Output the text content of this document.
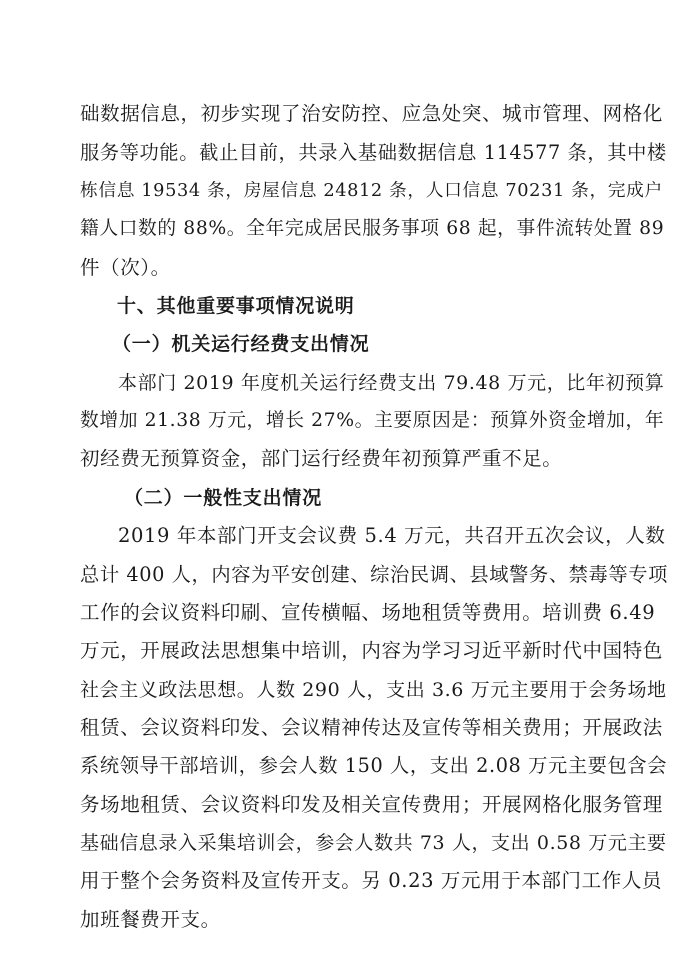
础数据信息，初步实现了治安防控、应急处突、城市管理、网格化
服务等功能。截止目前，共录入基础数据信息 114577 条，其中楼
栋信息 19534 条，房屋信息 24812 条，人口信息 70231 条，完成户
籍人口数的 88%。全年完成居民服务事项 68 起，事件流转处置 89
件（次）。
十、其他重要事项情况说明
（一）机关运行经费支出情况
本部门 2019 年度机关运行经费支出 79.48 万元，比年初预算
数增加 21.38 万元，增长 27%。主要原因是：预算外资金增加，年
初经费无预算资金，部门运行经费年初预算严重不足。
（二）一般性支出情况
2019 年本部门开支会议费 5.4 万元，共召开五次会议，人数
总计 400 人，内容为平安创建、综治民调、县域警务、禁毒等专项
工作的会议资料印刷、宣传横幅、场地租赁等费用。培训费 6.49
万元，开展政法思想集中培训，内容为学习习近平新时代中国特色
社会主义政法思想。人数 290 人，支出 3.6 万元主要用于会务场地
租赁、会议资料印发、会议精神传达及宣传等相关费用；开展政法
系统领导干部培训，参会人数 150 人，支出 2.08 万元主要包含会
务场地租赁、会议资料印发及相关宣传费用；开展网格化服务管理
基础信息录入采集培训会，参会人数共 73 人，支出 0.58 万元主要
用于整个会务资料及宣传开支。另 0.23 万元用于本部门工作人员
加班餐费开支。
